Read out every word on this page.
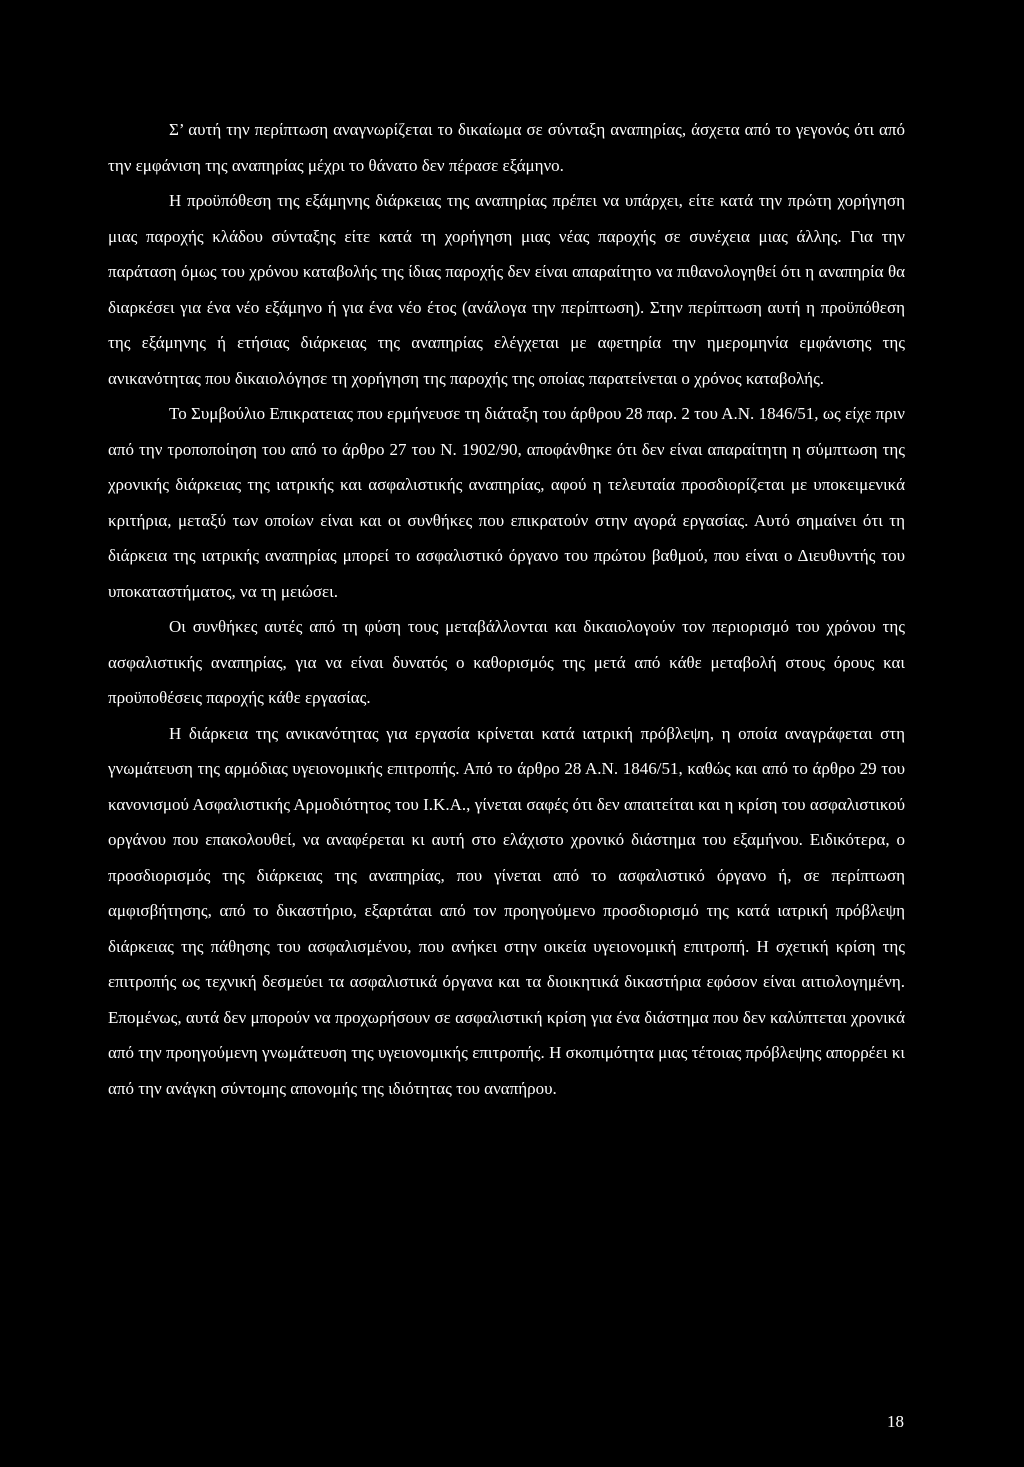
Σ’ αυτή την περίπτωση αναγνωρίζεται το δικαίωμα σε σύνταξη αναπηρίας, άσχετα από το γεγονός ότι από την εμφάνιση της αναπηρίας μέχρι το θάνατο δεν πέρασε εξάμηνο.

Η προϋπόθεση της εξάμηνης διάρκειας της αναπηρίας πρέπει να υπάρχει, είτε κατά την πρώτη χορήγηση μιας παροχής κλάδου σύνταξης είτε κατά τη χορήγηση μιας νέας παροχής σε συνέχεια μιας άλλης. Για την παράταση όμως του χρόνου καταβολής της ίδιας παροχής δεν είναι απαραίτητο να πιθανολογηθεί ότι η αναπηρία θα διαρκέσει για ένα νέο εξάμηνο ή για ένα νέο έτος (ανάλογα την περίπτωση). Στην περίπτωση αυτή η προϋπόθεση της εξάμηνης ή ετήσιας διάρκειας της αναπηρίας ελέγχεται με αφετηρία την ημερομηνία εμφάνισης της ανικανότητας που δικαιολόγησε τη χορήγηση της παροχής της οποίας παρατείνεται ο χρόνος καταβολής.

Το Συμβούλιο Επικρατειας που ερμήνευσε τη διάταξη του άρθρου 28 παρ. 2 του Α.Ν. 1846/51, ως είχε πριν από την τροποποίηση του από το άρθρο 27 του Ν. 1902/90, αποφάνθηκε ότι δεν είναι απαραίτητη η σύμπτωση της χρονικής διάρκειας της ιατρικής και ασφαλιστικής αναπηρίας, αφού η τελευταία προσδιορίζεται με υποκειμενικά κριτήρια, μεταξύ των οποίων είναι και οι συνθήκες που επικρατούν στην αγορά εργασίας. Αυτό σημαίνει ότι τη διάρκεια της ιατρικής αναπηρίας μπορεί το ασφαλιστικό όργανο του πρώτου βαθμού, που είναι ο Διευθυντής του υποκαταστήματος, να τη μειώσει.

Οι συνθήκες αυτές από τη φύση τους μεταβάλλονται και δικαιολογούν τον περιορισμό του χρόνου της ασφαλιστικής αναπηρίας, για να είναι δυνατός ο καθορισμός της μετά από κάθε μεταβολή στους όρους και προϋποθέσεις παροχής κάθε εργασίας.

Η διάρκεια της ανικανότητας για εργασία κρίνεται κατά ιατρική πρόβλεψη, η οποία αναγράφεται στη γνωμάτευση της αρμόδιας υγειονομικής επιτροπής. Από το άρθρο 28 Α.Ν. 1846/51, καθώς και από το άρθρο 29 του κανονισμού Ασφαλιστικής Αρμοδιότητος του Ι.Κ.Α., γίνεται σαφές ότι δεν απαιτείται και η κρίση του ασφαλιστικού οργάνου που επακολουθεί, να αναφέρεται κι αυτή στο ελάχιστο χρονικό διάστημα του εξαμήνου. Ειδικότερα, ο προσδιορισμός της διάρκειας της αναπηρίας, που γίνεται από το ασφαλιστικό όργανο ή, σε περίπτωση αμφισβήτησης, από το δικαστήριο, εξαρτάται από τον προηγούμενο προσδιορισμό της κατά ιατρική πρόβλεψη διάρκειας της πάθησης του ασφαλισμένου, που ανήκει στην οικεία υγειονομική επιτροπή. Η σχετική κρίση της επιτροπής ως τεχνική δεσμεύει τα ασφαλιστικά όργανα και τα διοικητικά δικαστήρια εφόσον είναι αιτιολογημένη. Επομένως, αυτά δεν μπορούν να προχωρήσουν σε ασφαλιστική κρίση για ένα διάστημα που δεν καλύπτεται χρονικά από την προηγούμενη γνωμάτευση της υγειονομικής επιτροπής. Η σκοπιμότητα μιας τέτοιας πρόβλεψης απορρέει κι από την ανάγκη σύντομης απονομής της ιδιότητας του αναπήρου.

18
